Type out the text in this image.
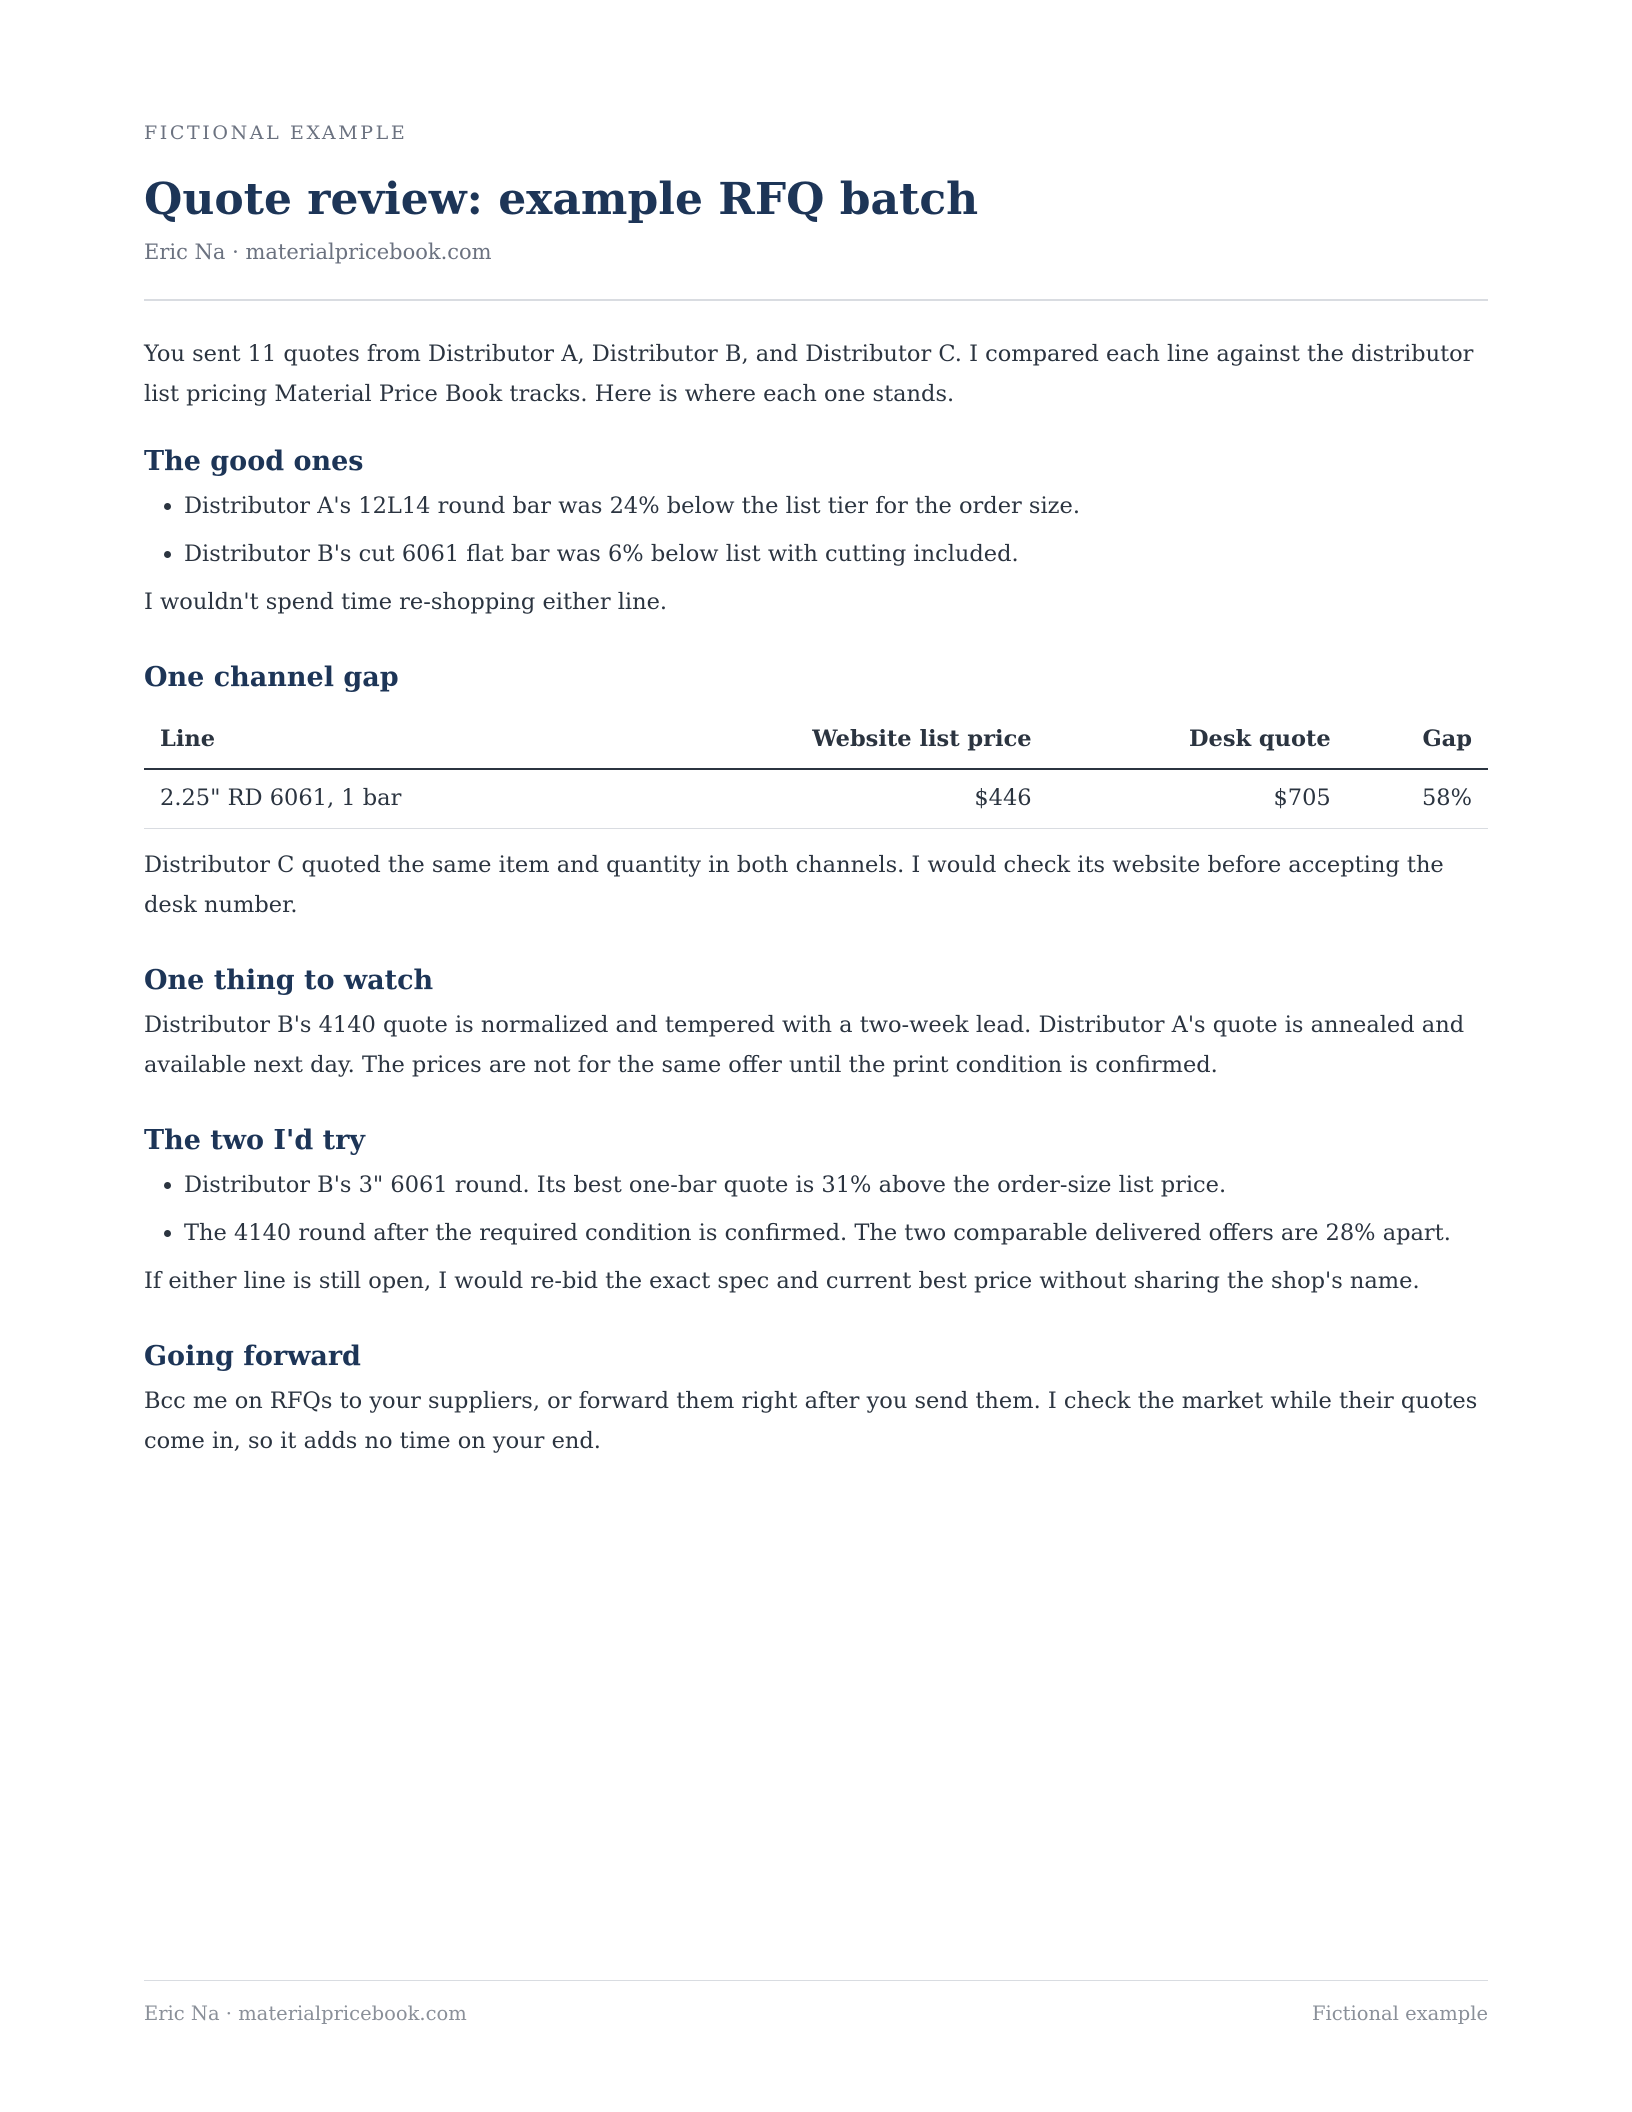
FICTIONAL EXAMPLE
Quote review: example RFQ batch
Eric Na · materialpricebook.com

You sent 11 quotes from Distributor A, Distributor B, and Distributor C. I compared each line against the distributor list pricing Material Price Book tracks. Here is where each one stands.

The good ones
• Distributor A's 12L14 round bar was 24% below the list tier for the order size.
• Distributor B's cut 6061 flat bar was 6% below list with cutting included.

I wouldn't spend time re-shopping either line.

One channel gap
Line	Website list price	Desk quote	Gap
2.25" RD 6061, 1 bar	$446	$705	58%

Distributor C quoted the same item and quantity in both channels. I would check its website before accepting the desk number.

One thing to watch

Distributor B's 4140 quote is normalized and tempered with a two-week lead. Distributor A's quote is annealed and available next day. The prices are not for the same offer until the print condition is confirmed.

The two I'd try
• Distributor B's 3" 6061 round. Its best one-bar quote is 31% above the order-size list price.
• The 4140 round after the required condition is confirmed. The two comparable delivered offers are 28% apart.

If either line is still open, I would re-bid the exact spec and current best price without sharing the shop's name.

Going forward

Bcc me on RFQs to your suppliers, or forward them right after you send them. I check the market while their quotes come in, so it adds no time on your end.

Eric Na · materialpricebook.com	Fictional example
